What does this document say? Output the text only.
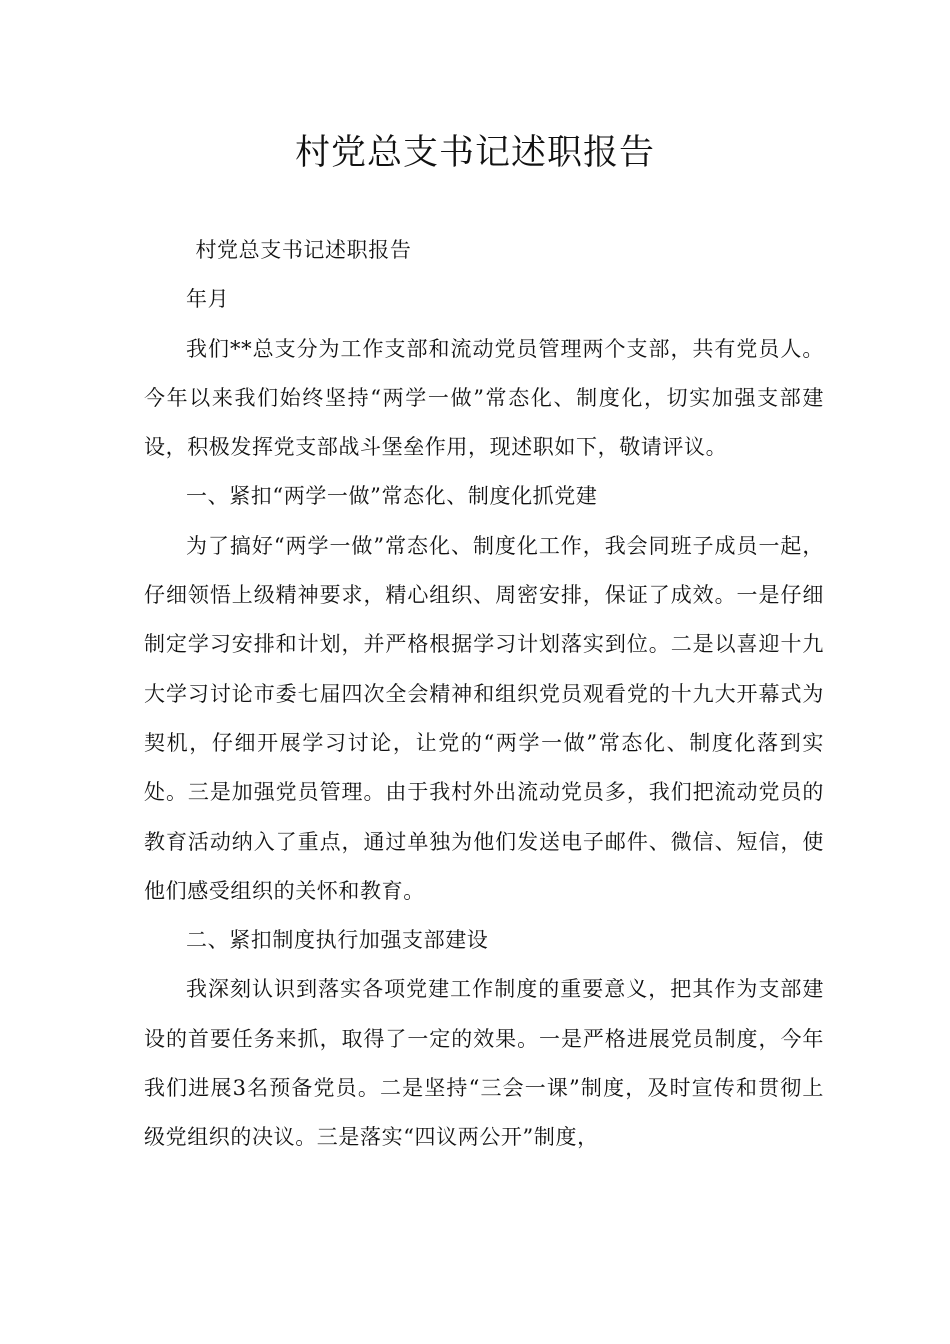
村党总支书记述职报告

村党总支书记述职报告

年月

我们**总支分为工作支部和流动党员管理两个支部，共有党员人。今年以来我们始终坚持“两学一做”常态化、制度化，切实加强支部建设，积极发挥党支部战斗堡垒作用，现述职如下，敬请评议。

一、紧扣“两学一做”常态化、制度化抓党建

为了搞好“两学一做”常态化、制度化工作，我会同班子成员一起，仔细领悟上级精神要求，精心组织、周密安排，保证了成效。一是仔细制定学习安排和计划，并严格根据学习计划落实到位。二是以喜迎十九大学习讨论市委七届四次全会精神和组织党员观看党的十九大开幕式为契机，仔细开展学习讨论，让党的“两学一做”常态化、制度化落到实处。三是加强党员管理。由于我村外出流动党员多，我们把流动党员的教育活动纳入了重点，通过单独为他们发送电子邮件、微信、短信，使他们感受组织的关怀和教育。

二、紧扣制度执行加强支部建设

我深刻认识到落实各项党建工作制度的重要意义，把其作为支部建设的首要任务来抓，取得了一定的效果。一是严格进展党员制度，今年我们进展3名预备党员。二是坚持“三会一课”制度，及时宣传和贯彻上级党组织的决议。三是落实“四议两公开”制度，
